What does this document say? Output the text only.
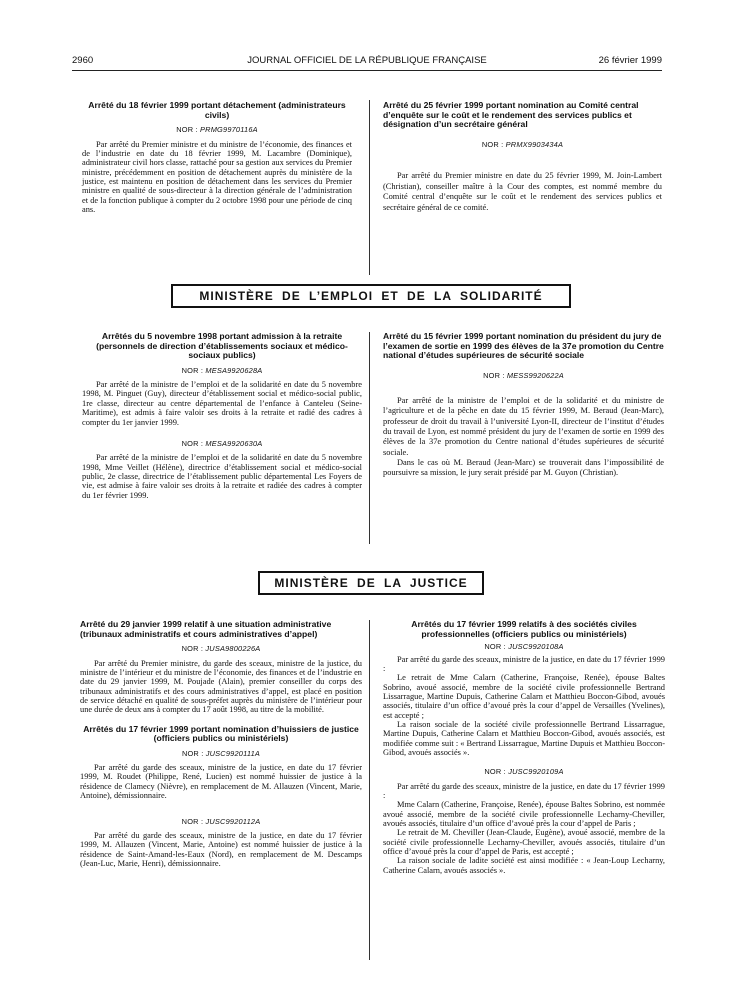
2960	JOURNAL OFFICIEL DE LA RÉPUBLIQUE FRANÇAISE	26 février 1999

Arrêté du 18 février 1999 portant détachement (administrateurs civils)

NOR : PRMG9970116A

Par arrêté du Premier ministre et du ministre de l’économie, des finances et de l’industrie en date du 18 février 1999, M. Lacambre (Dominique), administrateur civil hors classe, rattaché pour sa gestion aux services du Premier ministre, précédemment en position de détachement auprès du ministère de la justice, est maintenu en position de détachement dans les services du Premier ministre en qualité de sous-directeur à la direction générale de l’administration et de la fonction publique à compter du 2 octobre 1998 pour une période de cinq ans.

Arrêté du 25 février 1999 portant nomination au Comité central d’enquête sur le coût et le rendement des services publics et désignation d’un secrétaire général

NOR : PRMX9903434A

Par arrêté du Premier ministre en date du 25 février 1999, M. Join-Lambert (Christian), conseiller maître à la Cour des comptes, est nommé membre du Comité central d’enquête sur le coût et le rendement des services publics et secrétaire général de ce comité.

MINISTÈRE DE L’EMPLOI ET DE LA SOLIDARITÉ

Arrêtés du 5 novembre 1998 portant admission à la retraite (personnels de direction d’établissements sociaux et médico-sociaux publics)

NOR : MESA9920628A

Par arrêté de la ministre de l’emploi et de la solidarité en date du 5 novembre 1998, M. Pinguet (Guy), directeur d’établissement social et médico-social public, 1re classe, directeur au centre départemental de l’enfance à Canteleu (Seine-Maritime), est admis à faire valoir ses droits à la retraite et radié des cadres à compter du 1er janvier 1999.

NOR : MESA9920630A

Par arrêté de la ministre de l’emploi et de la solidarité en date du 5 novembre 1998, Mme Veillet (Hélène), directrice d’établissement social et médico-social public, 2e classe, directrice de l’établissement public départemental Les Foyers de vie, est admise à faire valoir ses droits à la retraite et radiée des cadres à compter du 1er février 1999.

Arrêté du 15 février 1999 portant nomination du président du jury de l’examen de sortie en 1999 des élèves de la 37e promotion du Centre national d’études supérieures de sécurité sociale

NOR : MESS9920622A

Par arrêté de la ministre de l’emploi et de la solidarité et du ministre de l’agriculture et de la pêche en date du 15 février 1999, M. Beraud (Jean-Marc), professeur de droit du travail à l’université Lyon-II, directeur de l’institut d’études du travail de Lyon, est nommé président du jury de l’examen de sortie en 1999 des élèves de la 37e promotion du Centre national d’études supérieures de sécurité sociale.

Dans le cas où M. Beraud (Jean-Marc) se trouverait dans l’impossibilité de poursuivre sa mission, le jury serait présidé par M. Guyon (Christian).

MINISTÈRE DE LA JUSTICE

Arrêté du 29 janvier 1999 relatif à une situation administrative (tribunaux administratifs et cours administratives d’appel)

NOR : JUSA9800226A

Par arrêté du Premier ministre, du garde des sceaux, ministre de la justice, du ministre de l’intérieur et du ministre de l’économie, des finances et de l’industrie en date du 29 janvier 1999, M. Poujade (Alain), premier conseiller du corps des tribunaux administratifs et des cours administratives d’appel, est placé en position de service détaché en qualité de sous-préfet auprès du ministère de l’intérieur pour une durée de deux ans à compter du 17 août 1998, au titre de la mobilité.

Arrêtés du 17 février 1999 portant nomination d’huissiers de justice (officiers publics ou ministériels)

NOR : JUSC9920111A

Par arrêté du garde des sceaux, ministre de la justice, en date du 17 février 1999, M. Roudet (Philippe, René, Lucien) est nommé huissier de justice à la résidence de Clamecy (Nièvre), en remplacement de M. Allauzen (Vincent, Marie, Antoine), démissionnaire.

NOR : JUSC9920112A

Par arrêté du garde des sceaux, ministre de la justice, en date du 17 février 1999, M. Allauzen (Vincent, Marie, Antoine) est nommé huissier de justice à la résidence de Saint-Amand-les-Eaux (Nord), en remplacement de M. Descamps (Jean-Luc, Marie, Henri), démissionnaire.

Arrêtés du 17 février 1999 relatifs à des sociétés civiles professionnelles (officiers publics ou ministériels)

NOR : JUSC9920108A

Par arrêté du garde des sceaux, ministre de la justice, en date du 17 février 1999 :

Le retrait de Mme Calarn (Catherine, Françoise, Renée), épouse Baltes Sobrino, avoué associé, membre de la société civile professionnelle Bertrand Lissarrague, Martine Dupuis, Catherine Calarn et Matthieu Boccon-Gibod, avoués associés, titulaire d’un office d’avoué près la cour d’appel de Versailles (Yvelines), est accepté ;

La raison sociale de la société civile professionnelle Bertrand Lissarrague, Martine Dupuis, Catherine Calarn et Matthieu Boccon-Gibod, avoués associés, est modifiée comme suit : « Bertrand Lissarrague, Martine Dupuis et Matthieu Boccon-Gibod, avoués associés ».

NOR : JUSC9920109A

Par arrêté du garde des sceaux, ministre de la justice, en date du 17 février 1999 :

Mme Calarn (Catherine, Françoise, Renée), épouse Baltes Sobrino, est nommée avoué associé, membre de la société civile professionnelle Lecharny-Cheviller, avoués associés, titulaire d’un office d’avoué près la cour d’appel de Paris ;

Le retrait de M. Cheviller (Jean-Claude, Eugène), avoué associé, membre de la société civile professionnelle Lecharny-Cheviller, avoués associés, titulaire d’un office d’avoué près la cour d’appel de Paris, est accepté ;

La raison sociale de ladite société est ainsi modifiée : « Jean-Loup Lecharny, Catherine Calarn, avoués associés ».
